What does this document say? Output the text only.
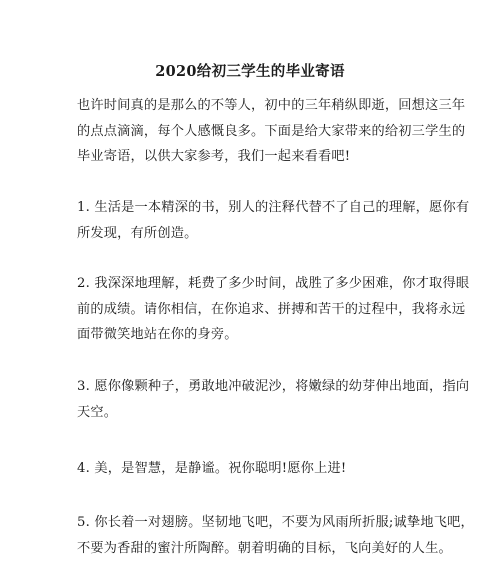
2020给初三学生的毕业寄语
也许时间真的是那么的不等人，初中的三年稍纵即逝，回想这三年
的点点滴滴，每个人感慨良多。下面是给大家带来的给初三学生的
毕业寄语，以供大家参考，我们一起来看看吧!
1. 生活是一本精深的书，别人的注释代替不了自己的理解，愿你有
所发现，有所创造。
2. 我深深地理解，耗费了多少时间，战胜了多少困难，你才取得眼
前的成绩。请你相信，在你追求、拼搏和苦干的过程中，我将永远
面带微笑地站在你的身旁。
3. 愿你像颗种子，勇敢地冲破泥沙，将嫩绿的幼芽伸出地面，指向
天空。
4. 美，是智慧，是静谧。祝你聪明!愿你上进!
5. 你长着一对翅膀。坚韧地飞吧，不要为风雨所折服;诚挚地飞吧，
不要为香甜的蜜汁所陶醉。朝着明确的目标，飞向美好的人生。
